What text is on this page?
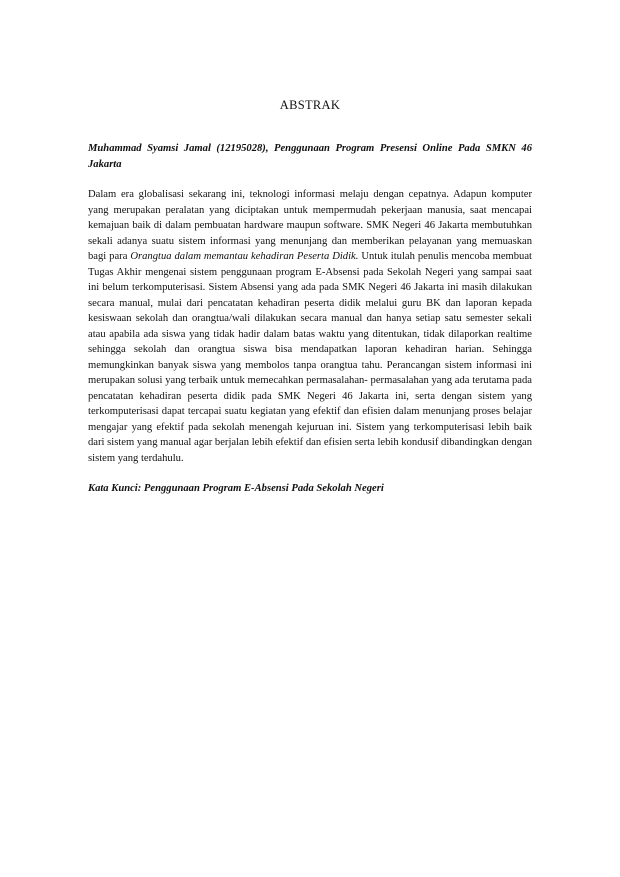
ABSTRAK

Muhammad Syamsi Jamal (12195028), Penggunaan Program Presensi Online Pada SMKN 46 Jakarta

Dalam era globalisasi sekarang ini, teknologi informasi melaju dengan cepatnya. Adapun komputer yang merupakan peralatan yang diciptakan untuk mempermudah pekerjaan manusia, saat mencapai kemajuan baik di dalam pembuatan hardware maupun software. SMK Negeri 46 Jakarta membutuhkan sekali adanya suatu sistem informasi yang menunjang dan memberikan pelayanan yang memuaskan bagi para Orangtua dalam memantau kehadiran Peserta Didik. Untuk itulah penulis mencoba membuat Tugas Akhir mengenai sistem penggunaan program E-Absensi pada Sekolah Negeri yang sampai saat ini belum terkomputerisasi. Sistem Absensi yang ada pada SMK Negeri 46 Jakarta ini masih dilakukan secara manual, mulai dari pencatatan kehadiran peserta didik melalui guru BK dan laporan kepada kesiswaan sekolah dan orangtua/wali dilakukan secara manual dan hanya setiap satu semester sekali atau apabila ada siswa yang tidak hadir dalam batas waktu yang ditentukan, tidak dilaporkan realtime sehingga sekolah dan orangtua siswa bisa mendapatkan laporan kehadiran harian. Sehingga memungkinkan banyak siswa yang membolos tanpa orangtua tahu. Perancangan sistem informasi ini merupakan solusi yang terbaik untuk memecahkan permasalahan- permasalahan yang ada terutama pada pencatatan kehadiran peserta didik pada SMK Negeri 46 Jakarta ini, serta dengan sistem yang terkomputerisasi dapat tercapai suatu kegiatan yang efektif dan efisien dalam menunjang proses belajar mengajar yang efektif pada sekolah menengah kejuruan ini. Sistem yang terkomputerisasi lebih baik dari sistem yang manual agar berjalan lebih efektif dan efisien serta lebih kondusif dibandingkan dengan sistem yang terdahulu.

Kata Kunci: Penggunaan Program E-Absensi Pada Sekolah Negeri
